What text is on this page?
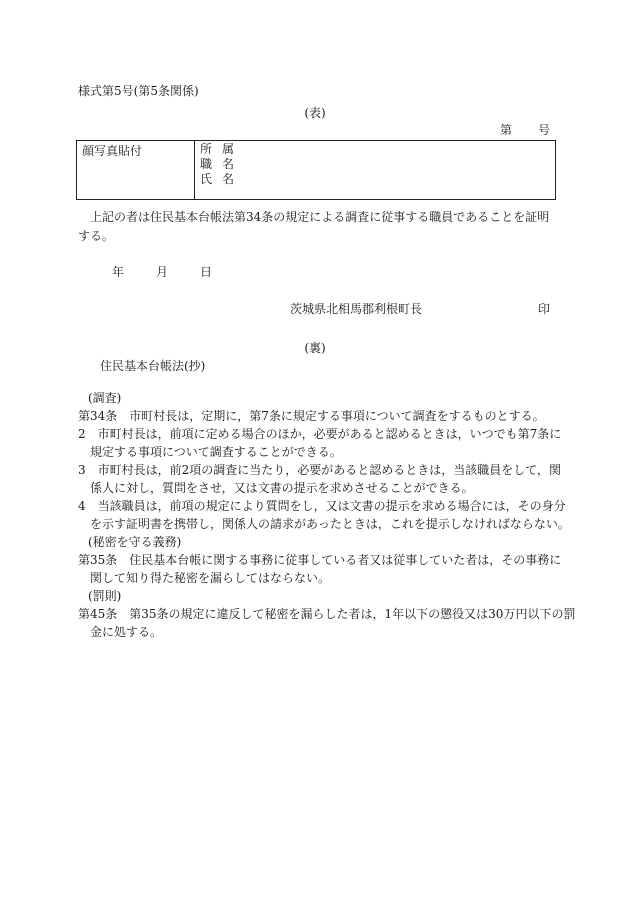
様式第5号(第5条関係)
(表)
第 号
顔写真貼付	所 属
職 名
氏 名
上記の者は住民基本台帳法第34条の規定による調査に従事する職員であることを証明する。
年	月	日
茨城県北相馬郡利根町長	印
(裏)
住民基本台帳法(抄)
(調査)
第34条　市町村長は，定期に，第7条に規定する事項について調査をするものとする。
2　市町村長は，前項に定める場合のほか，必要があると認めるときは，いつでも第7条に
規定する事項について調査することができる。
3　市町村長は，前2項の調査に当たり，必要があると認めるときは，当該職員をして，関
係人に対し，質問をさせ，又は文書の提示を求めさせることができる。
4　当該職員は，前項の規定により質問をし，又は文書の提示を求める場合には，その身分
を示す証明書を携帯し，関係人の請求があったときは，これを提示しなければならない。
(秘密を守る義務)
第35条　住民基本台帳に関する事務に従事している者又は従事していた者は，その事務に
関して知り得た秘密を漏らしてはならない。
(罰則)
第45条　第35条の規定に違反して秘密を漏らした者は，1年以下の懲役又は30万円以下の罰
金に処する。
